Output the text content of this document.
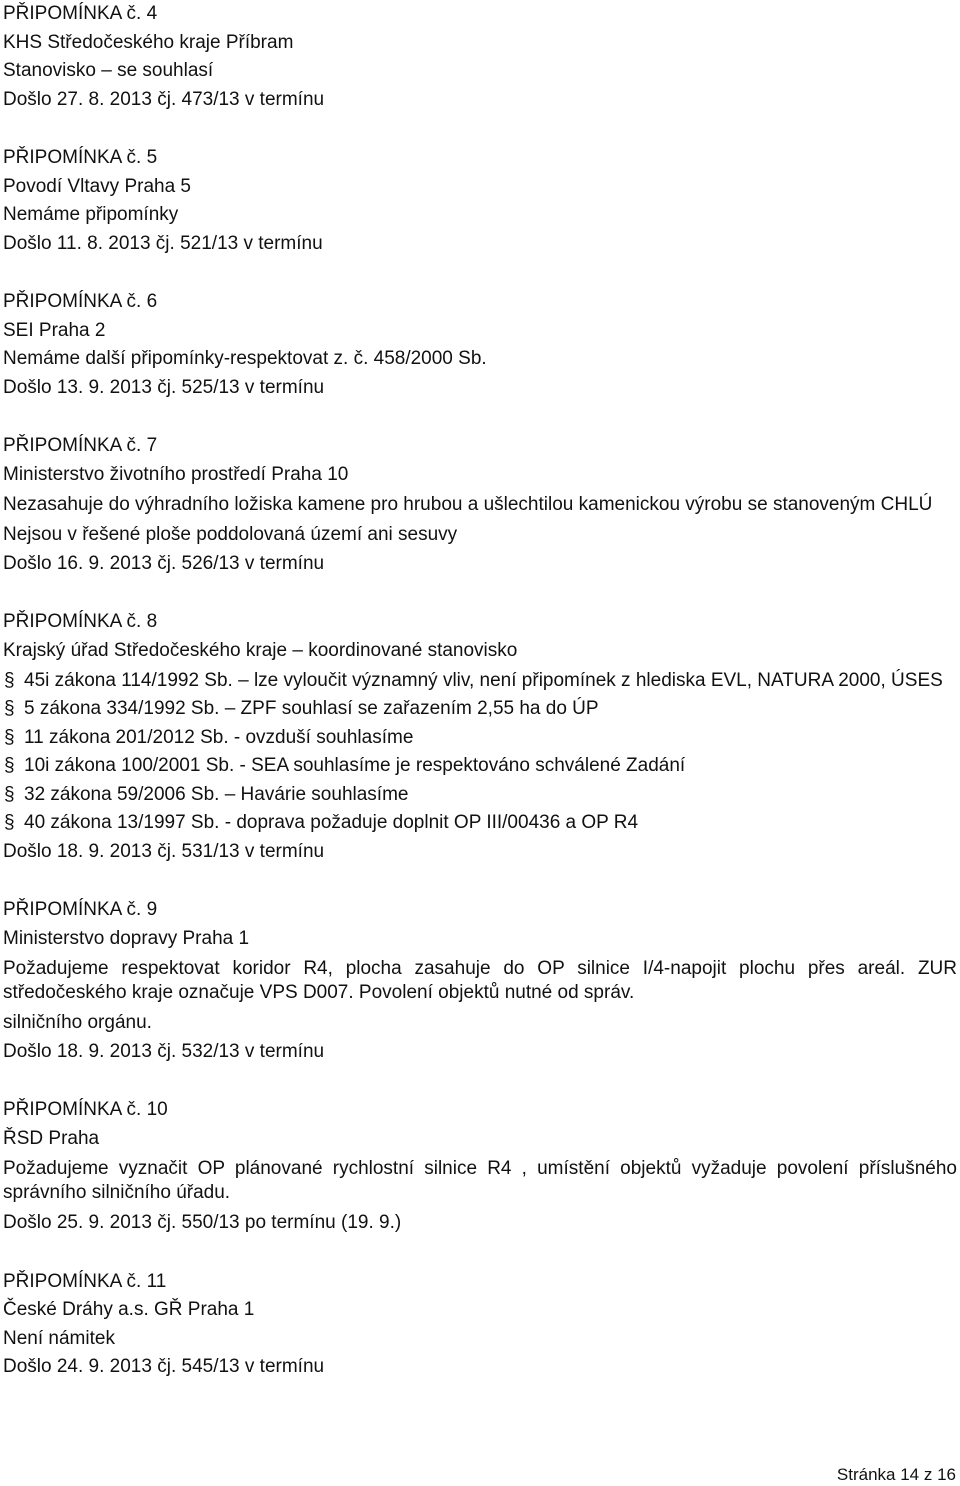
PŘIPOMÍNKA č. 4
KHS Středočeského kraje Příbram
Stanovisko – se souhlasí
Došlo 27. 8. 2013 čj. 473/13 v termínu
PŘIPOMÍNKA č. 5
Povodí Vltavy Praha 5
Nemáme připomínky
Došlo 11. 8. 2013 čj. 521/13 v termínu
PŘIPOMÍNKA č. 6
SEI Praha 2
Nemáme další připomínky-respektovat z. č. 458/2000 Sb.
Došlo 13. 9. 2013 čj. 525/13 v termínu
PŘIPOMÍNKA č. 7
Ministerstvo životního prostředí Praha 10
Nezasahuje do výhradního ložiska kamene pro hrubou a ušlechtilou kamenickou výrobu se stanoveným CHLÚ
Nejsou v řešené ploše poddolovaná území ani sesuvy
Došlo 16. 9. 2013 čj. 526/13 v termínu
PŘIPOMÍNKA č. 8
Krajský úřad Středočeského kraje – koordinované stanovisko
§ 45i zákona 114/1992 Sb. – lze vyloučit významný vliv, není připomínek z hlediska EVL, NATURA 2000, ÚSES
§ 5 zákona 334/1992 Sb. – ZPF souhlasí se zařazením 2,55 ha do ÚP
§ 11 zákona 201/2012 Sb. - ovzduší souhlasíme
§ 10i zákona 100/2001 Sb. - SEA souhlasíme je respektováno schválené Zadání
§ 32 zákona 59/2006 Sb. – Havárie souhlasíme
§ 40 zákona 13/1997 Sb. - doprava požaduje doplnit OP III/00436 a OP R4
Došlo 18. 9. 2013 čj. 531/13 v termínu
PŘIPOMÍNKA č. 9
Ministerstvo dopravy Praha 1
Požadujeme respektovat koridor R4, plocha zasahuje do OP silnice I/4-napojit plochu přes areál. ZUR středočeského kraje označuje VPS D007. Povolení objektů nutné od správ.
silničního orgánu.
Došlo 18. 9. 2013 čj. 532/13 v termínu
PŘIPOMÍNKA č. 10
ŘSD Praha
Požadujeme vyznačit OP plánované rychlostní silnice R4 , umístění objektů vyžaduje povolení příslušného správního silničního úřadu.
Došlo 25. 9. 2013 čj. 550/13 po termínu (19. 9.)
PŘIPOMÍNKA č. 11
České Dráhy a.s. GŘ Praha 1
Není námitek
Došlo 24. 9. 2013 čj. 545/13 v termínu
Stránka 14 z 16
